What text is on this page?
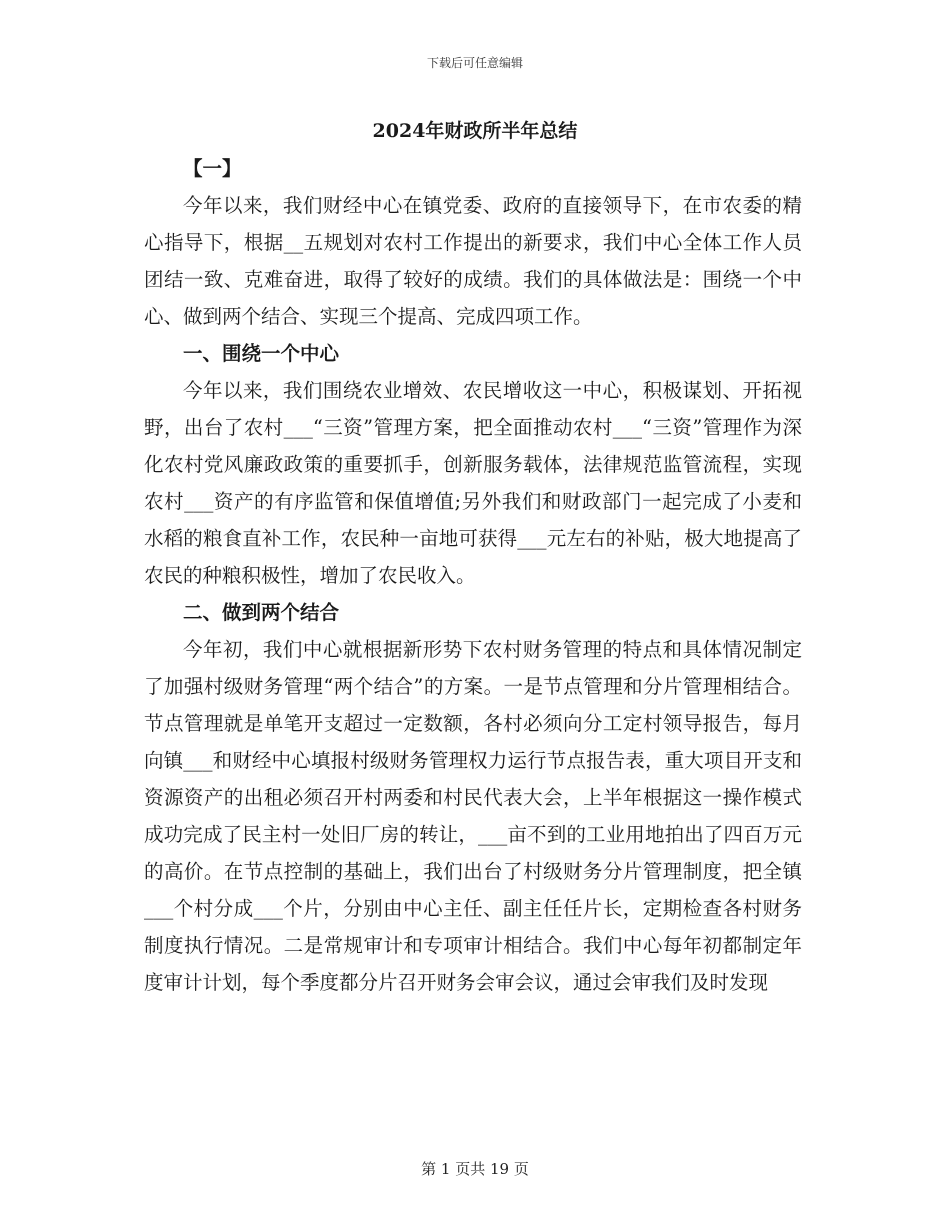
下载后可任意编辑
2024年财政所半年总结
【一】

今年以来，我们财经中心在镇党委、政府的直接领导下，在市农委的精心指导下，根据__五规划对农村工作提出的新要求，我们中心全体工作人员团结一致、克难奋进，取得了较好的成绩。我们的具体做法是：围绕一个中心、做到两个结合、实现三个提高、完成四项工作。

一、围绕一个中心

今年以来，我们围绕农业增效、农民增收这一中心，积极谋划、开拓视野，出台了农村___“三资”管理方案，把全面推动农村___“三资”管理作为深化农村党风廉政政策的重要抓手，创新服务载体，法律规范监管流程，实现农村___资产的有序监管和保值增值;另外我们和财政部门一起完成了小麦和水稻的粮食直补工作，农民种一亩地可获得___元左右的补贴，极大地提高了农民的种粮积极性，增加了农民收入。

二、做到两个结合

今年初，我们中心就根据新形势下农村财务管理的特点和具体情况制定了加强村级财务管理“两个结合”的方案。一是节点管理和分片管理相结合。节点管理就是单笔开支超过一定数额，各村必须向分工定村领导报告，每月向镇___和财经中心填报村级财务管理权力运行节点报告表，重大项目开支和资源资产的出租必须召开村两委和村民代表大会，上半年根据这一操作模式成功完成了民主村一处旧厂房的转让，___亩不到的工业用地拍出了四百万元的高价。在节点控制的基础上，我们出台了村级财务分片管理制度，把全镇___个村分成___个片，分别由中心主任、副主任任片长，定期检查各村财务制度执行情况。二是常规审计和专项审计相结合。我们中心每年初都制定年度审计计划，每个季度都分片召开财务会审会议，通过会审我们及时发现

第 1 页共 19 页
